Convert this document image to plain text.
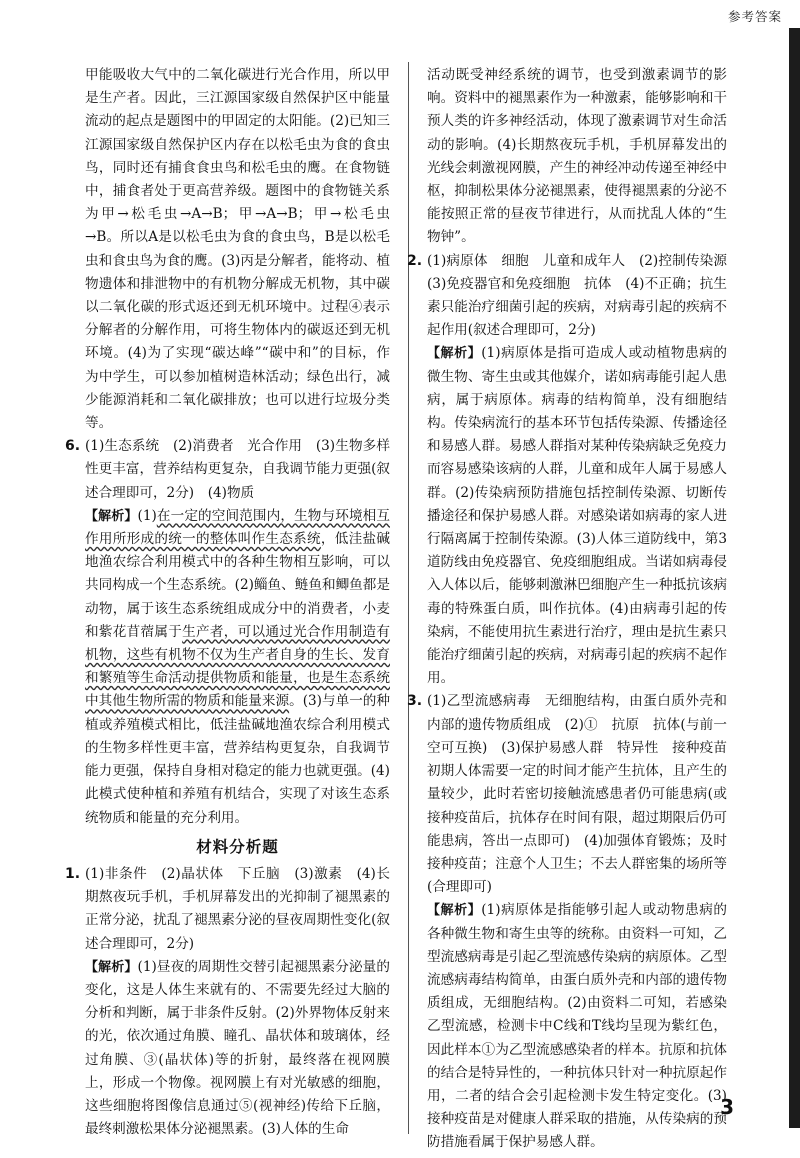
参考答案

甲能吸收大气中的二氧化碳进行光合作用，所以甲是生产者。因此，三江源国家级自然保护区中能量流动的起点是题图中的甲固定的太阳能。(2)已知三江源国家级自然保护区内存在以松毛虫为食的食虫鸟，同时还有捕食食虫鸟和松毛虫的鹰。在食物链中，捕食者处于更高营养级。题图中的食物链关系为甲→松毛虫→A→B；甲→A→B；甲→松毛虫→B。所以A是以松毛虫为食的食虫鸟，B是以松毛虫和食虫鸟为食的鹰。(3)丙是分解者，能将动、植物遗体和排泄物中的有机物分解成无机物，其中碳以二氧化碳的形式返还到无机环境中。过程④表示分解者的分解作用，可将生物体内的碳返还到无机环境。(4)为了实现“碳达峰”“碳中和”的目标，作为中学生，可以参加植树造林活动；绿色出行，减少能源消耗和二氧化碳排放；也可以进行垃圾分类等。

6. (1)生态系统　(2)消费者　光合作用　(3)生物多样性更丰富，营养结构更复杂，自我调节能力更强(叙述合理即可，2分)　(4)物质

【解析】(1)在一定的空间范围内，生物与环境相互作用所形成的统一的整体叫作生态系统，低洼盐碱地渔农综合利用模式中的各种生物相互影响，可以共同构成一个生态系统。(2)鲻鱼、鲢鱼和鲫鱼都是动物，属于该生态系统组成成分中的消费者，小麦和紫花苜蓿属于生产者，可以通过光合作用制造有机物，这些有机物不仅为生产者自身的生长、发育和繁殖等生命活动提供物质和能量，也是生态系统中其他生物所需的物质和能量来源。(3)与单一的种植或养殖模式相比，低洼盐碱地渔农综合利用模式的生物多样性更丰富，营养结构更复杂，自我调节能力更强，保持自身相对稳定的能力也就更强。(4)此模式使种植和养殖有机结合，实现了对该生态系统物质和能量的充分利用。

材料分析题
1. (1)非条件　(2)晶状体　下丘脑　(3)激素　(4)长期熬夜玩手机，手机屏幕发出的光抑制了褪黑素的正常分泌，扰乱了褪黑素分泌的昼夜周期性变化(叙述合理即可，2分)

【解析】(1)昼夜的周期性交替引起褪黑素分泌量的变化，这是人体生来就有的、不需要先经过大脑的分析和判断，属于非条件反射。(2)外界物体反射来的光，依次通过角膜、瞳孔、晶状体和玻璃体，经过角膜、③(晶状体)等的折射，最终落在视网膜上，形成一个物像。视网膜上有对光敏感的细胞，这些细胞将图像信息通过⑤(视神经)传给下丘脑，最终刺激松果体分泌褪黑素。(3)人体的生命

活动既受神经系统的调节，也受到激素调节的影响。资料中的褪黑素作为一种激素，能够影响和干预人类的许多神经活动，体现了激素调节对生命活动的影响。(4)长期熬夜玩手机，手机屏幕发出的光线会刺激视网膜，产生的神经冲动传递至神经中枢，抑制松果体分泌褪黑素，使得褪黑素的分泌不能按照正常的昼夜节律进行，从而扰乱人体的“生物钟”。

2. (1)病原体　细胞　儿童和成年人　(2)控制传染源　(3)免疫器官和免疫细胞　抗体　(4)不正确；抗生素只能治疗细菌引起的疾病，对病毒引起的疾病不起作用(叙述合理即可，2分)

【解析】(1)病原体是指可造成人或动植物患病的微生物、寄生虫或其他媒介，诺如病毒能引起人患病，属于病原体。病毒的结构简单，没有细胞结构。传染病流行的基本环节包括传染源、传播途径和易感人群。易感人群指对某种传染病缺乏免疫力而容易感染该病的人群，儿童和成年人属于易感人群。(2)传染病预防措施包括控制传染源、切断传播途径和保护易感人群。对感染诺如病毒的家人进行隔离属于控制传染源。(3)人体三道防线中，第3道防线由免疫器官、免疫细胞组成。当诺如病毒侵入人体以后，能够刺激淋巴细胞产生一种抵抗该病毒的特殊蛋白质，叫作抗体。(4)由病毒引起的传染病，不能使用抗生素进行治疗，理由是抗生素只能治疗细菌引起的疾病，对病毒引起的疾病不起作用。

3. (1)乙型流感病毒　无细胞结构，由蛋白质外壳和内部的遗传物质组成　(2)①　抗原　抗体(与前一空可互换)　(3)保护易感人群　特异性　接种疫苗初期人体需要一定的时间才能产生抗体，且产生的量较少，此时若密切接触流感患者仍可能患病(或接种疫苗后，抗体存在时间有限，超过期限后仍可能患病，答出一点即可)　(4)加强体育锻炼；及时接种疫苗；注意个人卫生；不去人群密集的场所等(合理即可)

【解析】(1)病原体是指能够引起人或动物患病的各种微生物和寄生虫等的统称。由资料一可知，乙型流感病毒是引起乙型流感传染病的病原体。乙型流感病毒结构简单，由蛋白质外壳和内部的遗传物质组成，无细胞结构。(2)由资料二可知，若感染乙型流感，检测卡中C线和T线均呈现为紫红色，因此样本①为乙型流感感染者的样本。抗原和抗体的结合是特异性的，一种抗体只针对一种抗原起作用，二者的结合会引起检测卡发生特定变化。(3)接种疫苗是对健康人群采取的措施，从传染病的预防措施看属于保护易感人群。

3
